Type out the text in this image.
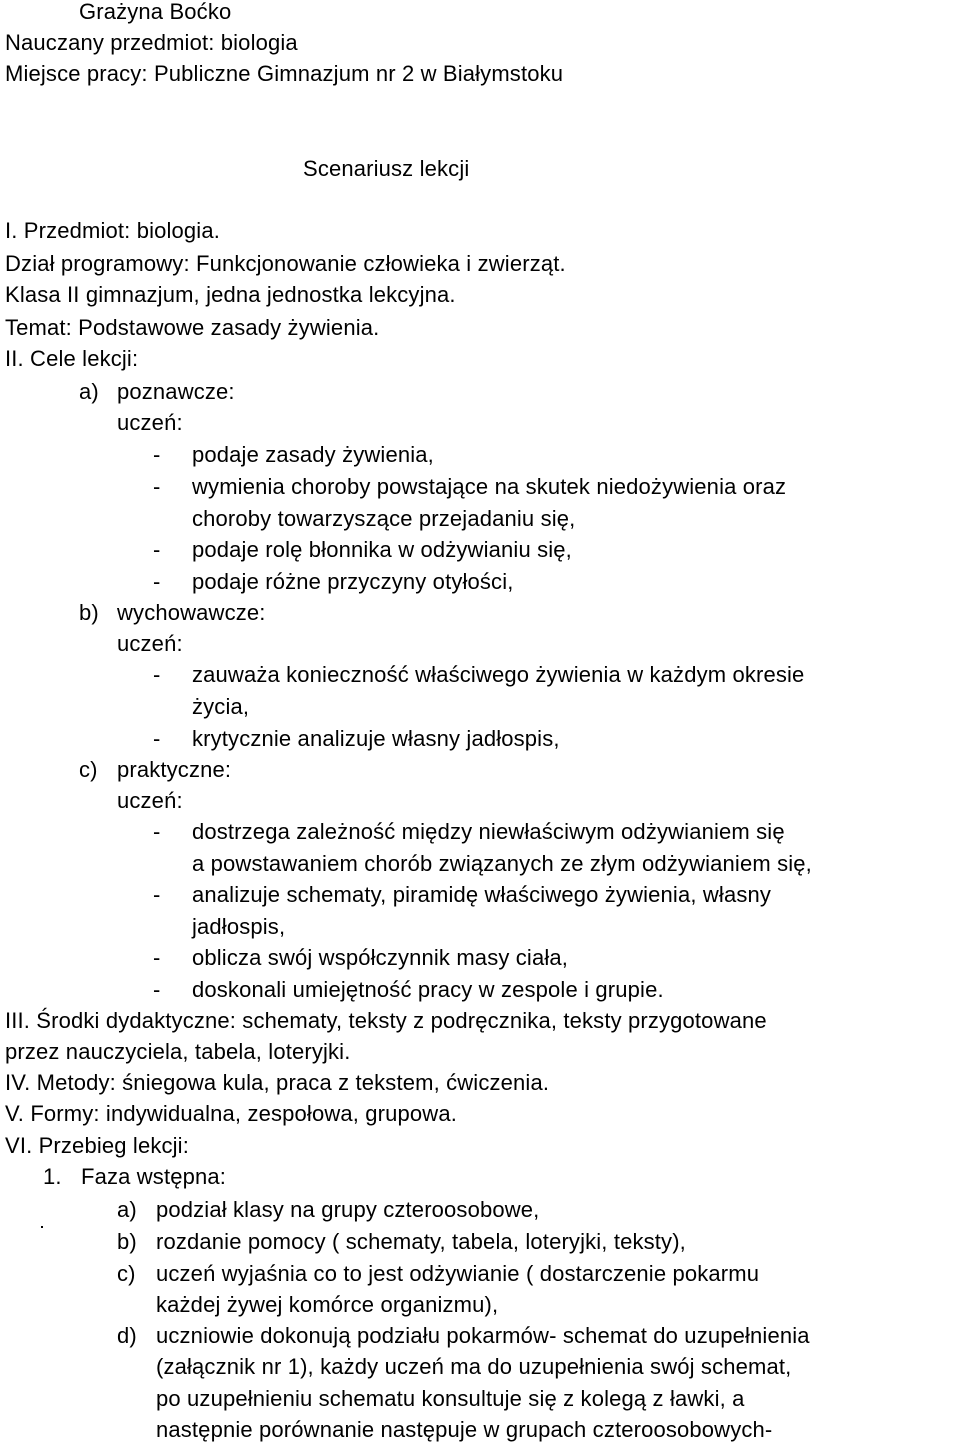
Grażyna Boćko
Nauczany przedmiot: biologia
Miejsce pracy: Publiczne Gimnazjum nr 2 w Białymstoku
Scenariusz lekcji
I. Przedmiot: biologia.
Dział programowy: Funkcjonowanie człowieka i zwierząt.
Klasa II gimnazjum, jedna jednostka lekcyjna.
Temat: Podstawowe zasady żywienia.
II. Cele lekcji:
a) poznawcze:
uczeń:
- podaje zasady żywienia,
- wymienia choroby powstające na skutek niedożywienia oraz
choroby towarzyszące przejadaniu się,
- podaje rolę błonnika w odżywianiu się,
- podaje różne przyczyny otyłości,
b) wychowawcze:
uczeń:
- zauważa konieczność właściwego żywienia w każdym okresie
życia,
- krytycznie analizuje własny jadłospis,
c) praktyczne:
uczeń:
- dostrzega zależność między niewłaściwym odżywianiem się
a powstawaniem chorób związanych ze złym odżywianiem się,
- analizuje schematy, piramidę właściwego żywienia, własny
jadłospis,
- oblicza swój współczynnik masy ciała,
- doskonali umiejętność pracy w zespole i grupie.
III. Środki dydaktyczne: schematy, teksty z podręcznika, teksty przygotowane
przez nauczyciela, tabela, loteryjki.
IV. Metody: śniegowa kula, praca z tekstem, ćwiczenia.
V. Formy: indywidualna, zespołowa, grupowa.
VI. Przebieg lekcji:
1. Faza wstępna:
a) podział klasy na grupy czteroosobowe,
b) rozdanie pomocy ( schematy, tabela, loteryjki, teksty),
c) uczeń wyjaśnia co to jest odżywianie ( dostarczenie pokarmu
każdej żywej komórce organizmu),
d) uczniowie dokonują podziału pokarmów- schemat do uzupełnienia
(załącznik nr 1), każdy uczeń ma do uzupełnienia swój schemat,
po uzupełnieniu schematu konsultuje się z kolegą z ławki, a
następnie porównanie następuje w grupach czteroosobowych-
